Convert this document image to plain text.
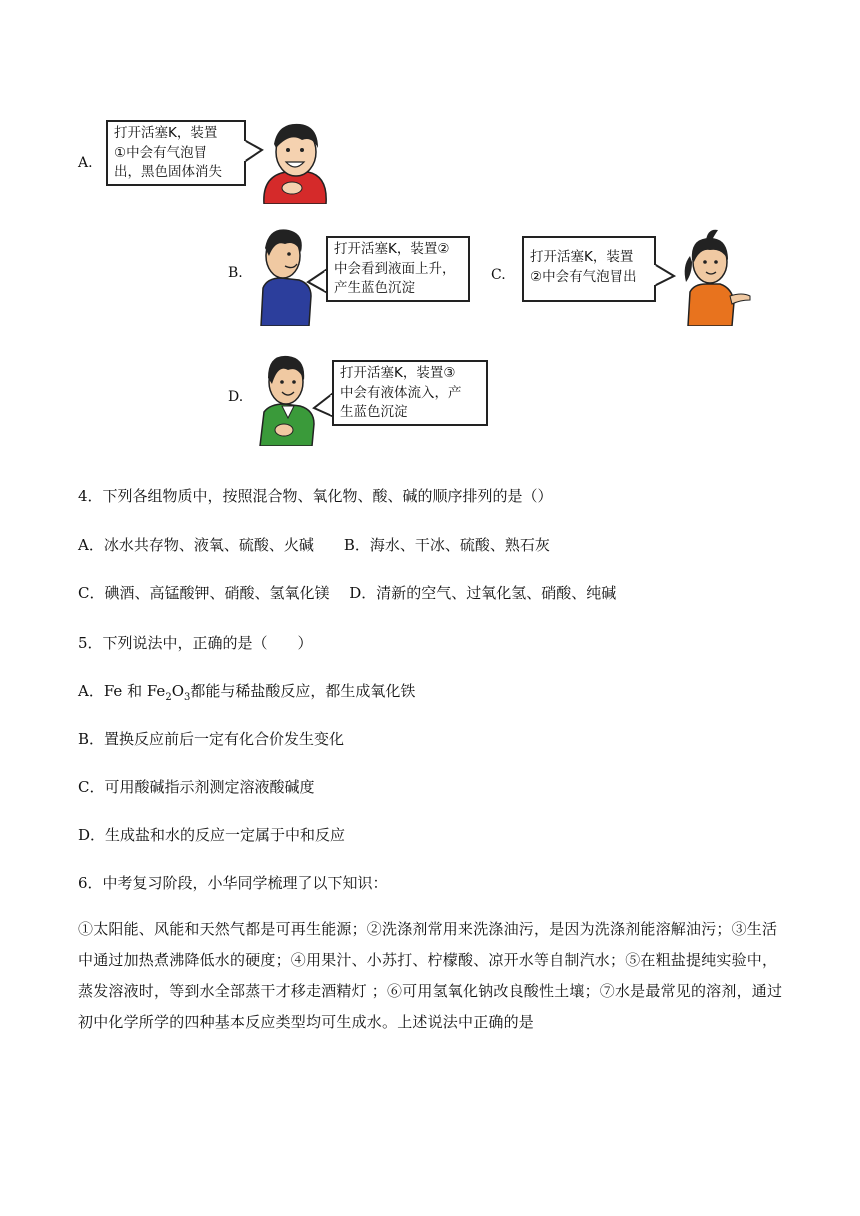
A.
打开活塞K，装置
①中会有气泡冒
出，黑色固体消失
B.
打开活塞K，装置②
中会看到液面上升，
产生蓝色沉淀
C.
打开活塞K，装置
②中会有气泡冒出
D.
打开活塞K，装置③
中会有液体流入，产
生蓝色沉淀
4．下列各组物质中，按照混合物、氧化物、酸、碱的顺序排列的是（）
A．冰水共存物、液氧、硫酸、火碱　　B．海水、干冰、硫酸、熟石灰
C．碘酒、高锰酸钾、硝酸、氢氧化镁　 D．清新的空气、过氧化氢、硝酸、纯碱
5．下列说法中，正确的是（　　）
A．Fe 和 $Fe_2O_3$都能与稀盐酸反应，都生成氧化铁
B．置换反应前后一定有化合价发生变化
C．可用酸碱指示剂测定溶液酸碱度
D．生成盐和水的反应一定属于中和反应
6．中考复习阶段，小华同学梳理了以下知识：
①太阳能、风能和天然气都是可再生能源；②洗涤剂常用来洗涤油污，是因为洗涤剂能溶解油污；③生活中通过加热煮沸降低水的硬度；④用果汁、小苏打、柠檬酸、凉开水等自制汽水；⑤在粗盐提纯实验中，蒸发溶液时，等到水全部蒸干才移走酒精灯 ；⑥可用氢氧化钠改良酸性土壤；⑦水是最常见的溶剂，通过初中化学所学的四种基本反应类型均可生成水。上述说法中正确的是
